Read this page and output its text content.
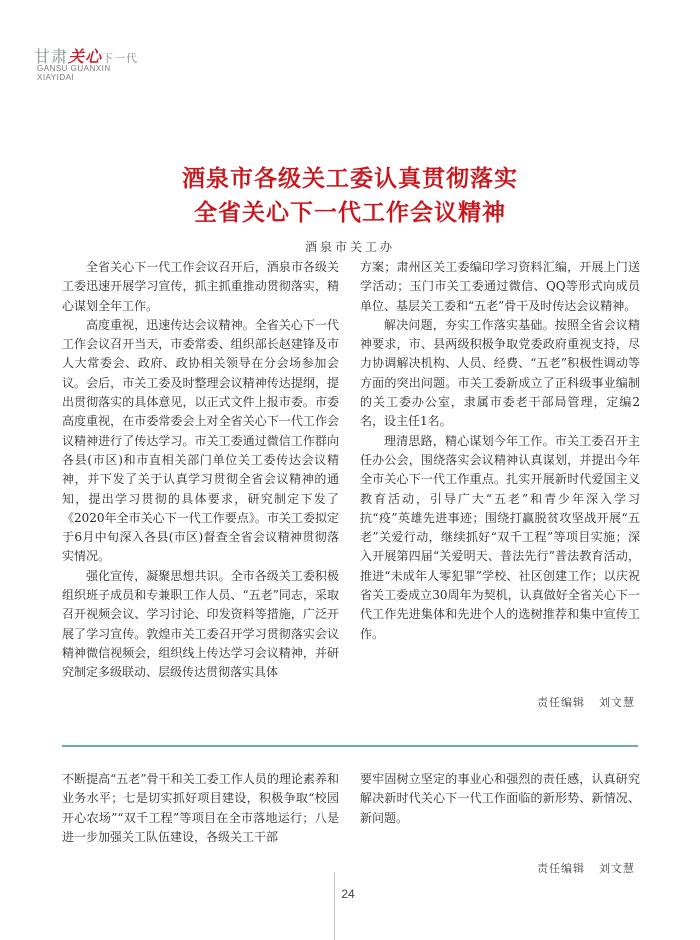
甘肃关心下一代
GANSU GUANXIN
XIAYIDAI
酒泉市各级关工委认真贯彻落实
全省关心下一代工作会议精神
酒泉市关工办

全省关心下一代工作会议召开后，酒泉市各级关工委迅速开展学习宣传，抓主抓重推动贯彻落实，精心谋划全年工作。

高度重视，迅速传达会议精神。全省关心下一代工作会议召开当天，市委常委、组织部长赵建锋及市人大常委会、政府、政协相关领导在分会场参加会议。会后，市关工委及时整理会议精神传达提纲，提出贯彻落实的具体意见，以正式文件上报市委。市委高度重视，在市委常委会上对全省关心下一代工作会议精神进行了传达学习。市关工委通过微信工作群向各县(市区)和市直相关部门单位关工委传达会议精神，并下发了关于认真学习贯彻全省会议精神的通知，提出学习贯彻的具体要求，研究制定下发了《2020年全市关心下一代工作要点》。市关工委拟定于6月中旬深入各县(市区)督查全省会议精神贯彻落实情况。

强化宣传，凝聚思想共识。全市各级关工委积极组织班子成员和专兼职工作人员、“五老”同志，采取召开视频会议、学习讨论、印发资料等措施，广泛开展了学习宣传。敦煌市关工委召开学习贯彻落实会议精神微信视频会，组织线上传达学习会议精神，并研究制定多级联动、层级传达贯彻落实具体

方案；肃州区关工委编印学习资料汇编，开展上门送学活动；玉门市关工委通过微信、QQ等形式向成员单位、基层关工委和“五老”骨干及时传达会议精神。

解决问题，夯实工作落实基础。按照全省会议精神要求，市、县两级积极争取党委政府重视支持，尽力协调解决机构、人员、经费、“五老”积极性调动等方面的突出问题。市关工委新成立了正科级事业编制的关工委办公室，隶属市委老干部局管理，定编2名，设主任1名。

理清思路，精心谋划今年工作。市关工委召开主任办公会，围绕落实会议精神认真谋划，并提出今年全市关心下一代工作重点。扎实开展新时代爱国主义教育活动，引导广大“五老”和青少年深入学习抗“疫”英雄先进事迹；围绕打赢脱贫攻坚战开展“五老”关爱行动，继续抓好“双千工程”等项目实施；深入开展第四届“关爱明天、普法先行”普法教育活动，推进“未成年人零犯罪”学校、社区创建工作；以庆祝省关工委成立30周年为契机，认真做好全省关心下一代工作先进集体和先进个人的选树推荐和集中宣传工作。

责任编辑 刘文慧

不断提高“五老”骨干和关工委工作人员的理论素养和业务水平；七是切实抓好项目建设，积极争取“校园开心农场”“双千工程”等项目在全市落地运行；八是进一步加强关工队伍建设，各级关工干部

要牢固树立坚定的事业心和强烈的责任感，认真研究解决新时代关心下一代工作面临的新形势、新情况、新问题。

责任编辑 刘文慧
24
